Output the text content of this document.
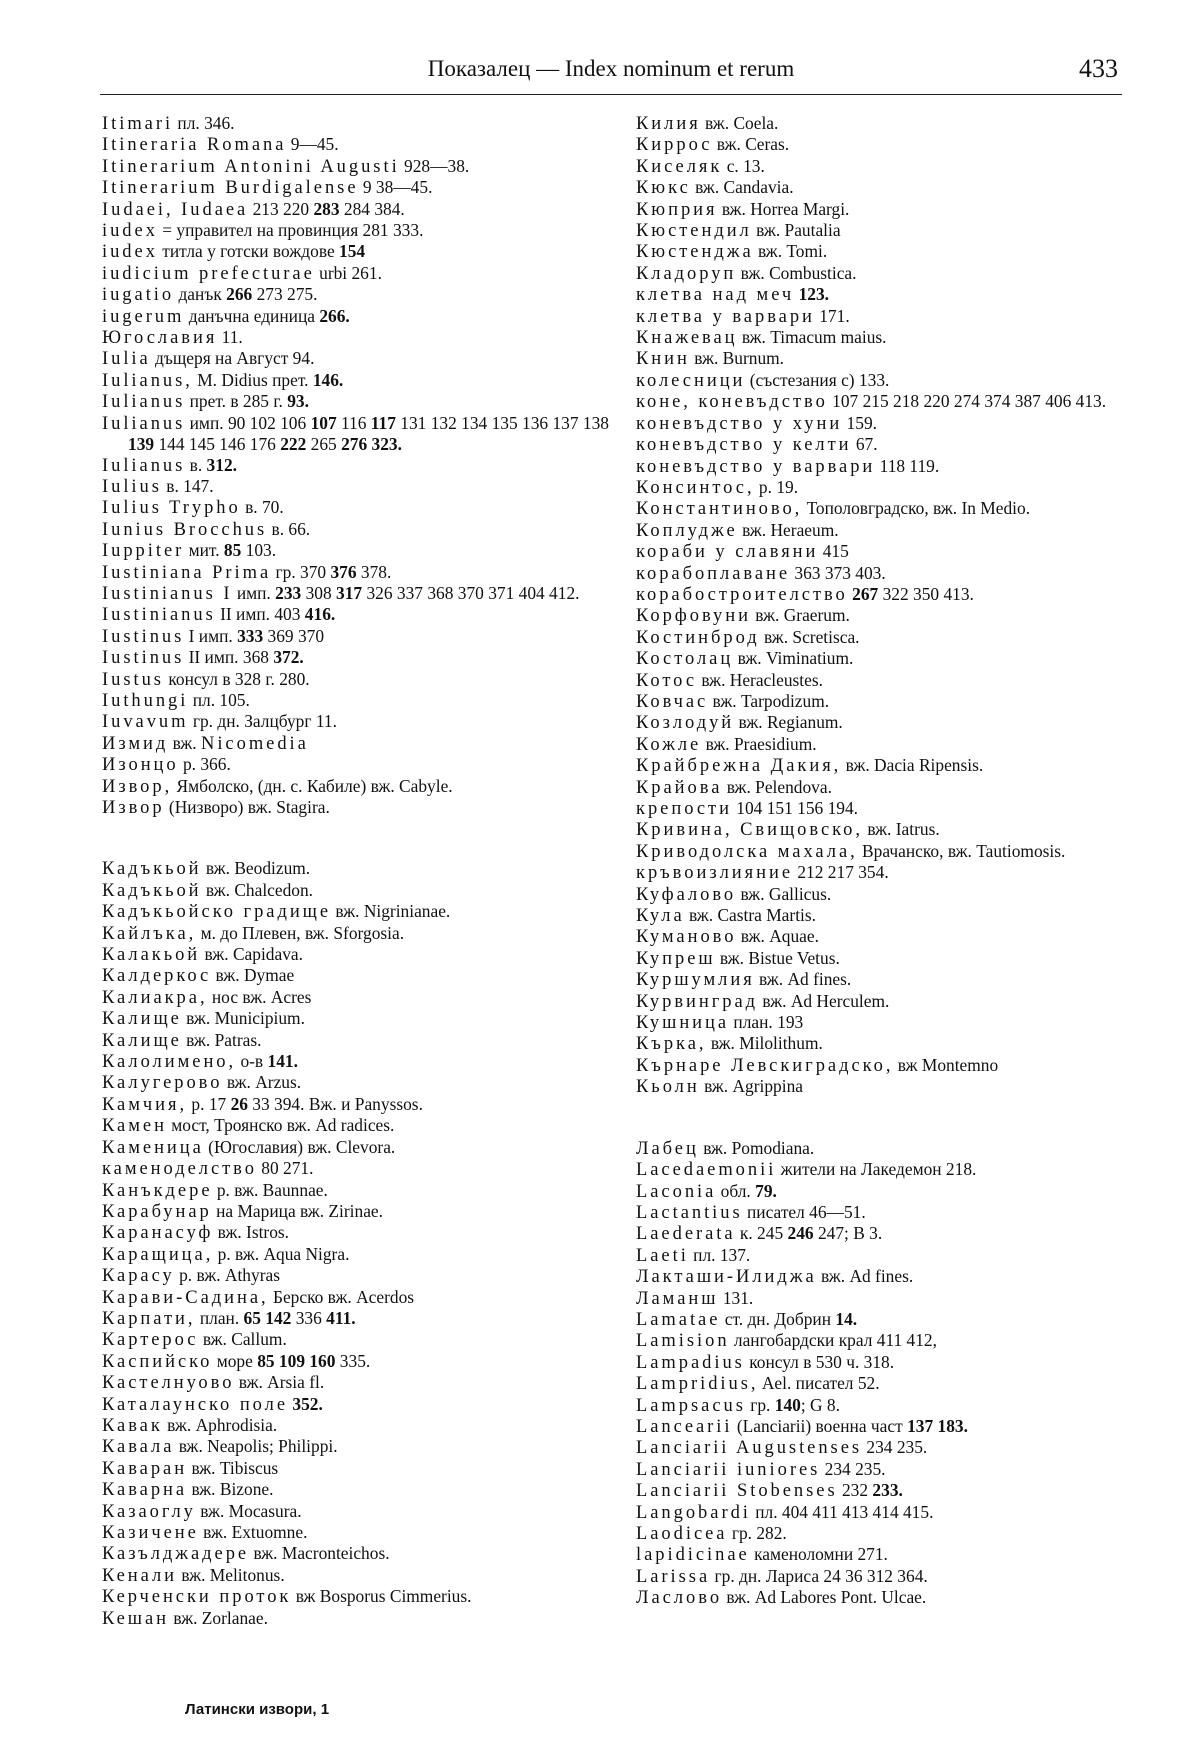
Показалец — Index nominum et rerum	433

Itimari пл. 346.

Itineraria Romana 9—45.

Itinerarium Antonini Augusti 928—38.

Itinerarium Burdigalense 9 38—45.

Iudaei, Iudaea 213 220 283 284 384.

iudex = управител на провинция 281 333.

iudex титла у готски вождове 154

iudicium prefecturae urbi 261.

iugatio данък 266 273 275.

iugerum данъчна единица 266.

Югославия 11.

Iulia дъщеря на Август 94.

Iulianus, M. Didius прет. 146.

Iulianus прет. в 285 г. 93.

Iulianus имп. 90 102 106 107 116 117 131 132 134 135 136 137 138 139 144 145 146 176 222 265 276 323.

Iulianus в. 312.

Iulius в. 147.

Iulius Trypho в. 70.

Iunius Brocchus в. 66.

Iuppiter мит. 85 103.

Iustiniana Prima гр. 370 376 378.

Iustinianus I имп. 233 308 317 326 337 368 370 371 404 412.

Iustinianus II имп. 403 416.

Iustinus I имп. 333 369 370

Iustinus II имп. 368 372.

Iustus консул в 328 г. 280.

Iuthungi пл. 105.

Iuvavum гр. дн. Залцбург 11.

Измид вж. Nicomedia

Изонцо р. 366.

Извор, Ямболско, (дн. с. Кабиле) вж. Cabyle.

Извор (Низворо) вж. Stagira.

Кадъкьой вж. Beodizum.

Кадъкьой вж. Chalcedon.

Кадъкьойско градище вж. Nigrinianae.

Кайлъка, м. до Плевен, вж. Sforgosia.

Калакьой вж. Capidava.

Калдеркос вж. Dymae

Калиакра, нос вж. Acres

Калище вж. Municipium.

Калище вж. Patras.

Калолимено, о-в 141.

Калугерово вж. Arzus.

Камчия, р. 17 26 33 394. Вж. и Panyssos.

Камен мост, Троянско вж. Ad radices.

Каменица (Югославия) вж. Clevora.

каменоделство 80 271.

Канъкдере р. вж. Baunnae.

Карабунар на Марица вж. Zirinae.

Каранасуф вж. Istros.

Каращица, р. вж. Aqua Nigra.

Карасу р. вж. Athyras

Карави-Садина, Берско вж. Acerdos

Карпати, план. 65 142 336 411.

Картерос вж. Callum.

Каспийско море 85 109 160 335.

Кастелнуово вж. Arsia fl.

Каталаунско поле 352.

Кавак вж. Aphrodisia.

Кавала вж. Neapolis; Philippi.

Каваран вж. Tibiscus

Каварна вж. Bizone.

Казаоглу вж. Mocasura.

Казичене вж. Extuomne.

Казълджадере вж. Macronteichos.

Кенали вж. Melitonus.

Керченски проток вж Bosporus Cimmerius.

Кешан вж. Zorlanae.

Килия вж. Coela.

Киррос вж. Ceras.

Киселяк с. 13.

Кюкс вж. Candavia.

Кюприя вж. Horrea Margi.

Кюстендил вж. Pautalia

Кюстенджа вж. Tomi.

Кладоруп вж. Combustica.

клетва над меч 123.

клетва у варвари 171.

Кнажевац вж. Timacum maius.

Книн вж. Burnum.

колесници (състезания с) 133.

коне, коневъдство 107 215 218 220 274 374 387 406 413.

коневъдство у хуни 159.

коневъдство у келти 67.

коневъдство у варвари 118 119.

Консинтос, р. 19.

Константиново, Тополовградско, вж. In Medio.

Коплудже вж. Heraeum.

кораби у славяни 415

корабоплаване 363 373 403.

корабостроителство 267 322 350 413.

Корфовуни вж. Graerum.

Костинброд вж. Scretisca.

Костолац вж. Viminatium.

Котос вж. Heracleustes.

Ковчас вж. Tarpodizum.

Козлодуй вж. Regianum.

Кожле вж. Praesidium.

Крайбрежна Дакия, вж. Dacia Ripensis.

Крайова вж. Pelendova.

крепости 104 151 156 194.

Кривина, Свищовско, вж. Iatrus.

Криводолска махала, Врачанско, вж. Tautiomosis.

кръвоизлияние 212 217 354.

Куфалово вж. Gallicus.

Кула вж. Castra Martis.

Куманово вж. Aquae.

Купреш вж. Bistue Vetus.

Куршумлия вж. Ad fines.

Курвинград вж. Ad Herculem.

Кушница план. 193

Кърка, вж. Milolithum.

Кърнаре Левскиградско, вж Montemno

Кьолн вж. Agrippina

Лабец вж. Pomodiana.

Lacedaemonii жители на Лакедемон 218.

Laconia обл. 79.

Lactantius писател 46—51.

Laederata к. 245 246 247; B 3.

Laeti пл. 137.

Лакташи-Илиджа вж. Ad fines.

Ламанш 131.

Lamatae ст. дн. Добрин 14.

Lamision лангобардски крал 411 412,

Lampadius консул в 530 ч. 318.

Lampridius, Ael. писател 52.

Lampsacus гр. 140; G 8.

Lancearii (Lanciarii) военна част 137 183.

Lanciarii Augustenses 234 235.

Lanciarii iuniores 234 235.

Lanciarii Stobenses 232 233.

Langobardi пл. 404 411 413 414 415.

Laodicea гр. 282.

lapidicinae каменоломни 271.

Larissa гр. дн. Лариса 24 36 312 364.

Ласлово вж. Ad Labores Pont. Ulcae.

Латински извори, 1
